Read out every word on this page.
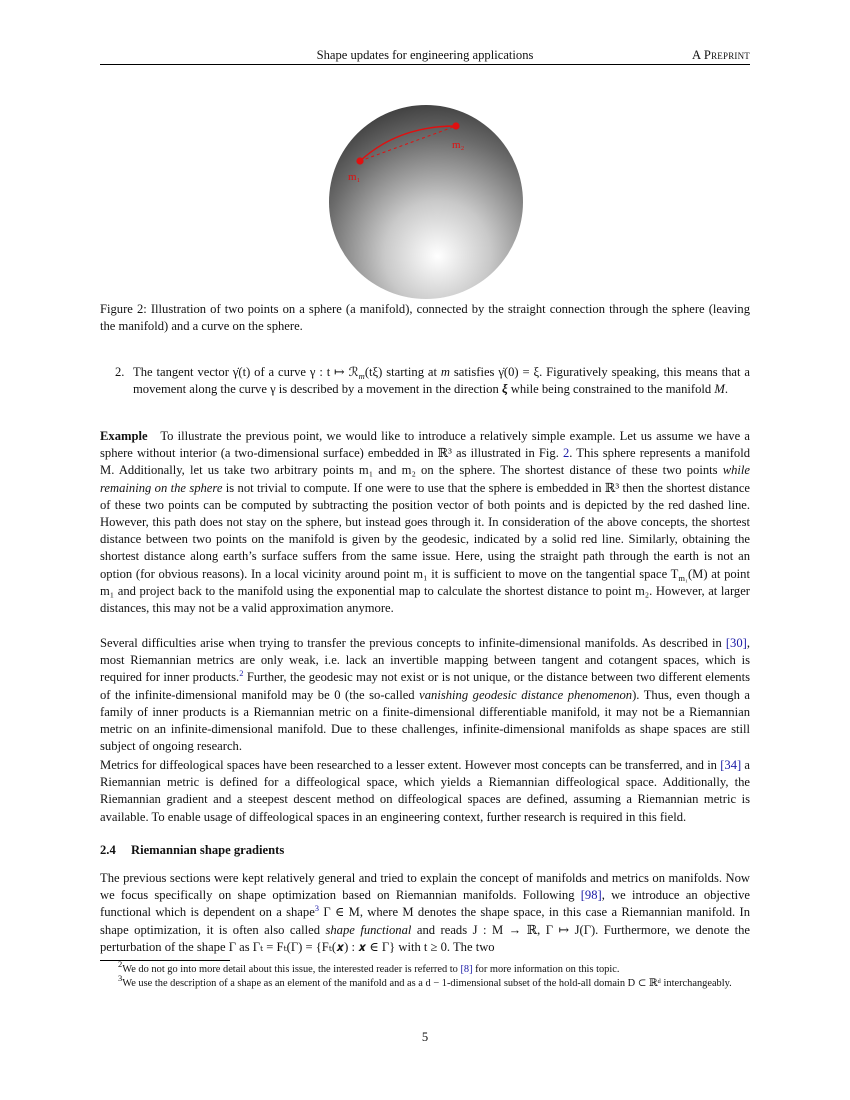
Shape updates for engineering applications	A Preprint
m₁
m₂
Figure 2: Illustration of two points on a sphere (a manifold), connected by the straight connection through the sphere (leaving the manifold) and a curve on the sphere.
2. The tangent vector γ̇(t) of a curve γ : t ↦ ℛ$_m$(tξ) starting at m satisfies γ̇(0) = ξ. Figuratively speaking, this means that a movement along the curve γ is described by a movement in the direction ξ while being constrained to the manifold M.
Example To illustrate the previous point, we would like to introduce a relatively simple example. Let us assume we have a sphere without interior (a two-dimensional surface) embedded in ℝ³ as illustrated in Fig. 2. This sphere represents a manifold M. Additionally, let us take two arbitrary points m₁ and m₂ on the sphere. The shortest distance of these two points while remaining on the sphere is not trivial to compute. If one were to use that the sphere is embedded in ℝ³ then the shortest distance of these two points can be computed by subtracting the position vector of both points and is depicted by the red dashed line. However, this path does not stay on the sphere, but instead goes through it. In consideration of the above concepts, the shortest distance between two points on the manifold is given by the geodesic, indicated by a solid red line. Similarly, obtaining the shortest distance along earth’s surface suffers from the same issue. Here, using the straight path through the earth is not an option (for obvious reasons). In a local vicinity around point m₁ it is sufficient to move on the tangential space $T_{m_1}(M)$ at point m₁ and project back to the manifold using the exponential map to calculate the shortest distance to point m₂. However, at larger distances, this may not be a valid approximation anymore.
Several difficulties arise when trying to transfer the previous concepts to infinite-dimensional manifolds. As described in [30], most Riemannian metrics are only weak, i.e. lack an invertible mapping between tangent and cotangent spaces, which is required for inner products.$^2$ Further, the geodesic may not exist or is not unique, or the distance between two different elements of the infinite-dimensional manifold may be 0 (the so-called vanishing geodesic distance phenomenon). Thus, even though a family of inner products is a Riemannian metric on a finite-dimensional differentiable manifold, it may not be a Riemannian metric on an infinite-dimensional manifold. Due to these challenges, infinite-dimensional manifolds as shape spaces are still subject of ongoing research.
Metrics for diffeological spaces have been researched to a lesser extent. However most concepts can be transferred, and in [34] a Riemannian metric is defined for a diffeological space, which yields a Riemannian diffeological space. Additionally, the Riemannian gradient and a steepest descent method on diffeological spaces are defined, assuming a Riemannian metric is available. To enable usage of diffeological spaces in an engineering context, further research is required in this field.
2.4 Riemannian shape gradients
The previous sections were kept relatively general and tried to explain the concept of manifolds and metrics on manifolds. Now we focus specifically on shape optimization based on Riemannian manifolds. Following [98], we introduce an objective functional which is dependent on a shape$^3$ Γ ∈ M, where M denotes the shape space, in this case a Riemannian manifold. In shape optimization, it is often also called shape functional and reads J : M → ℝ, Γ ↦ J(Γ). Furthermore, we denote the perturbation of the shape Γ as Γₜ = Fₜ(Γ) = {Fₜ(𝒙) : 𝒙 ∈ Γ} with t ≥ 0. The two
$^2$We do not go into more detail about this issue, the interested reader is referred to [8] for more information on this topic.
$^3$We use the description of a shape as an element of the manifold and as a d − 1-dimensional subset of the hold-all domain D ⊂ ℝᵈ interchangeably.
5
